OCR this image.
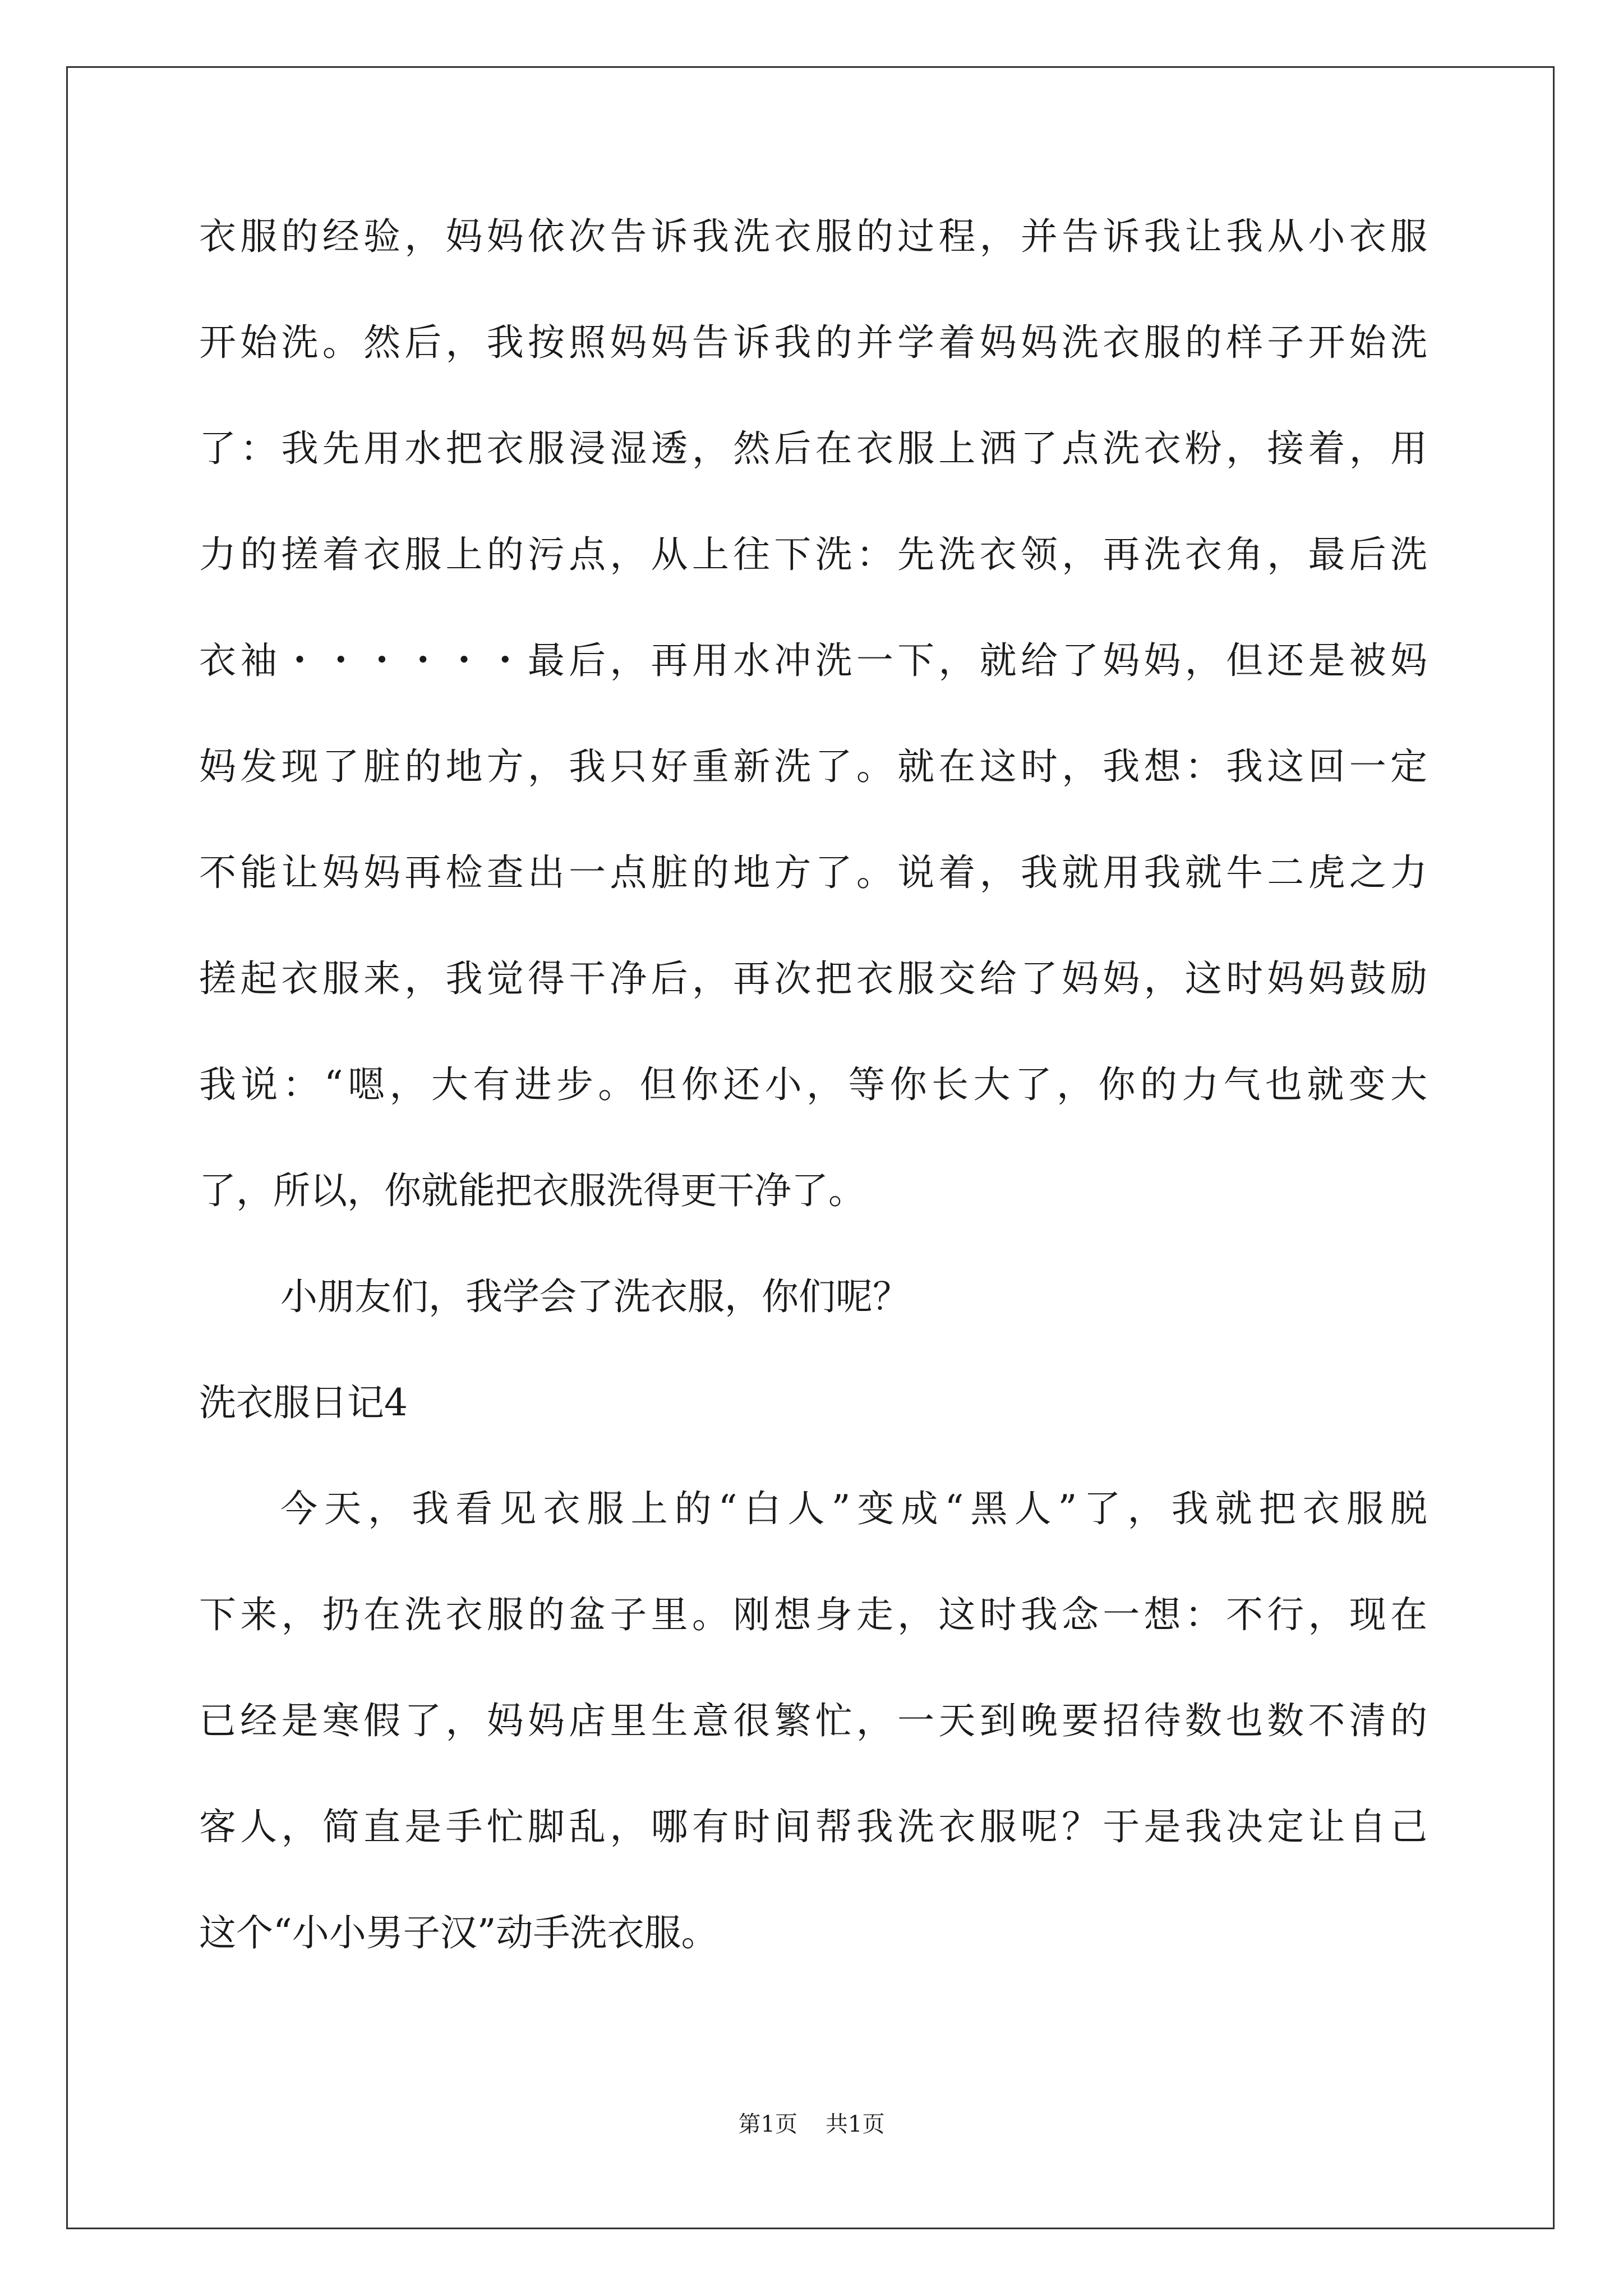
衣服的经验，妈妈依次告诉我洗衣服的过程，并告诉我让我从小衣服
开始洗。然后，我按照妈妈告诉我的并学着妈妈洗衣服的样子开始洗
了：我先用水把衣服浸湿透，然后在衣服上洒了点洗衣粉，接着，用
力的搓着衣服上的污点，从上往下洗：先洗衣领，再洗衣角，最后洗
衣袖・・・・・・最后，再用水冲洗一下，就给了妈妈，但还是被妈
妈发现了脏的地方，我只好重新洗了。就在这时，我想：我这回一定
不能让妈妈再检查出一点脏的地方了。说着，我就用我就牛二虎之力
搓起衣服来，我觉得干净后，再次把衣服交给了妈妈，这时妈妈鼓励
我说：“嗯，大有进步。但你还小，等你长大了，你的力气也就变大
了，所以，你就能把衣服洗得更干净了。
小朋友们，我学会了洗衣服，你们呢？
洗衣服日记4
今天，我看见衣服上的“白人”变成“黑人”了，我就把衣服脱
下来，扔在洗衣服的盆子里。刚想身走，这时我念一想：不行，现在
已经是寒假了，妈妈店里生意很繁忙，一天到晚要招待数也数不清的
客人，简直是手忙脚乱，哪有时间帮我洗衣服呢？于是我决定让自己
这个“小小男子汉”动手洗衣服。
第1页 共1页
